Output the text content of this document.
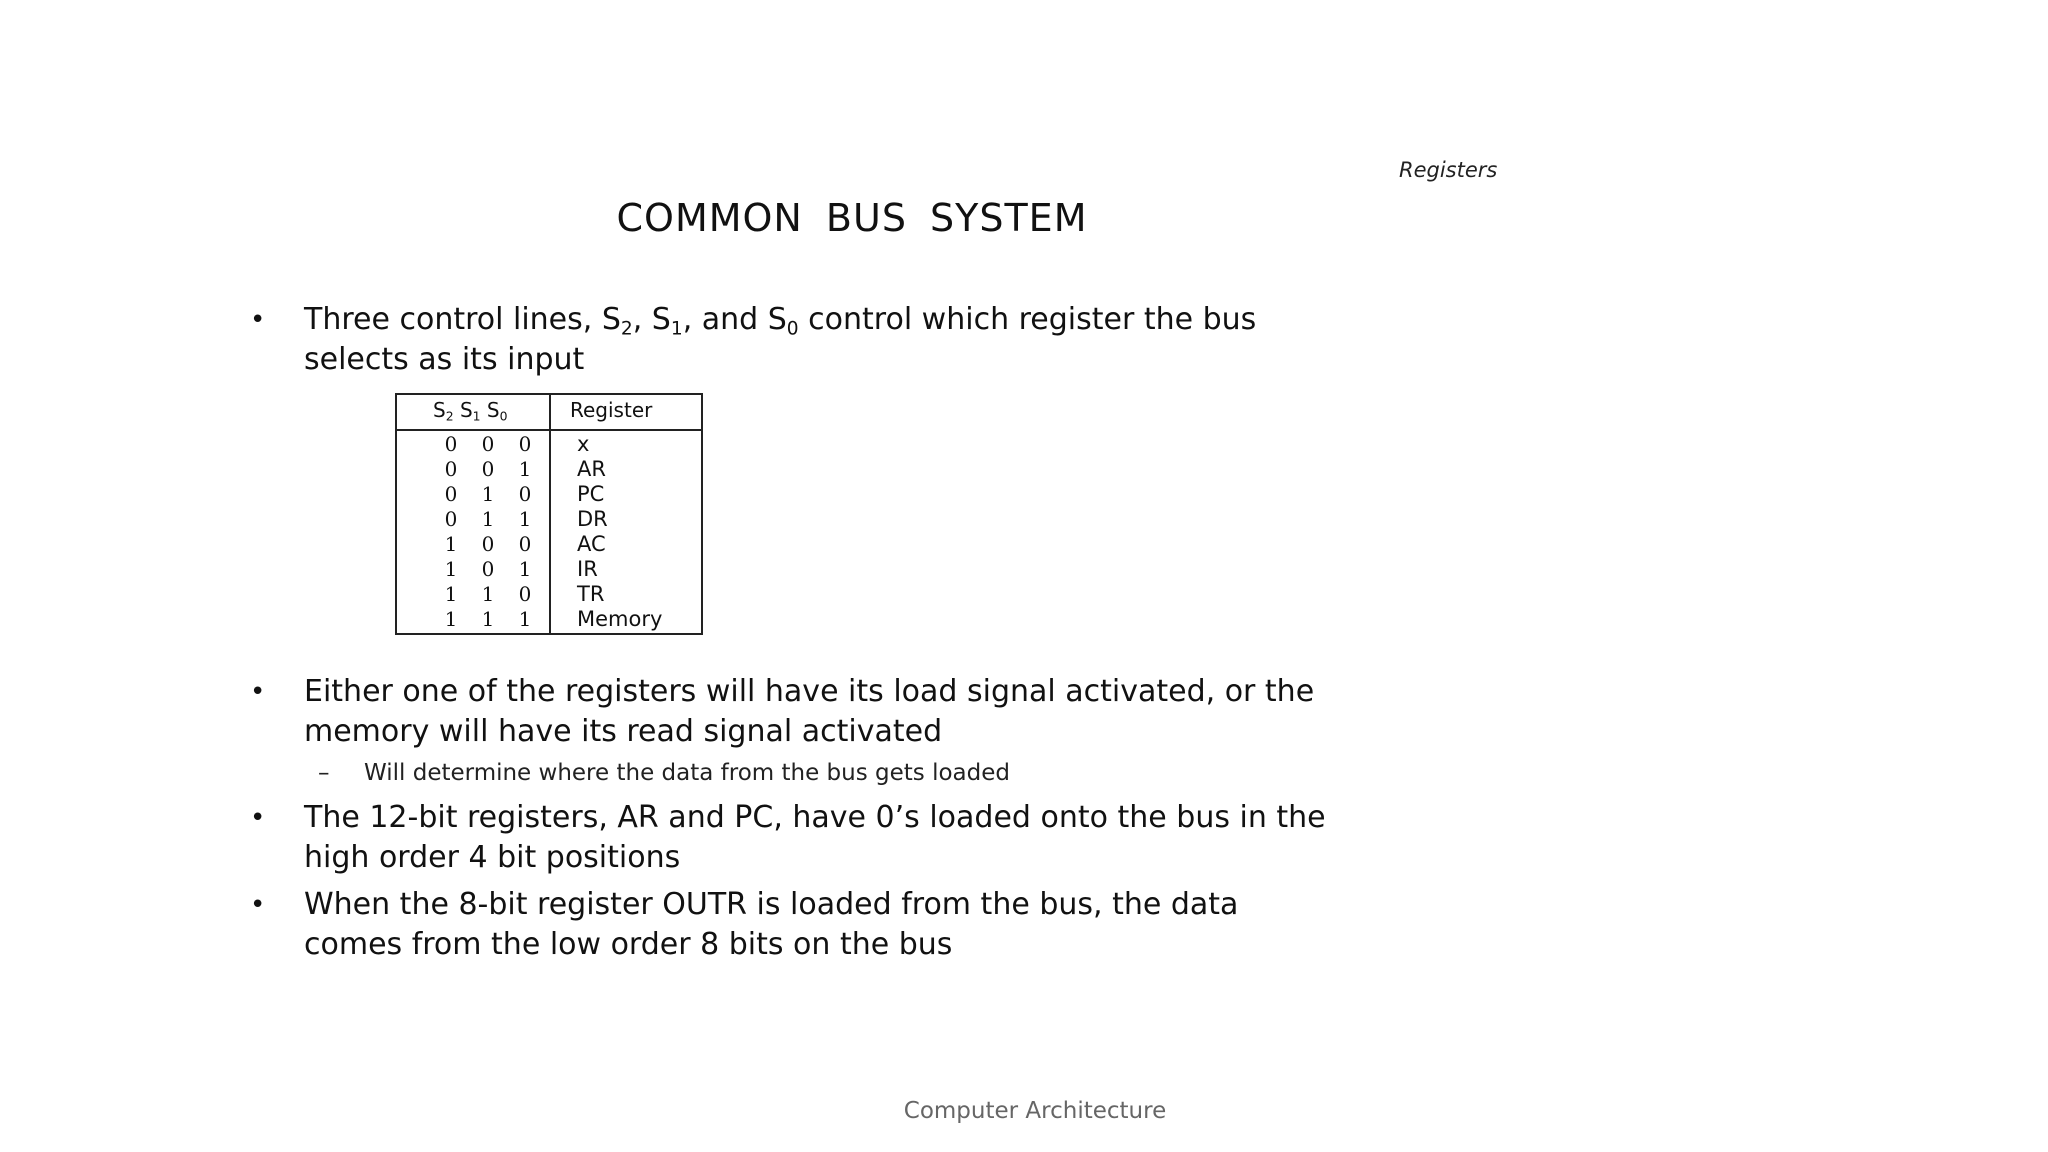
Registers
COMMON BUS SYSTEM
• Three control lines, $S_2$, $S_1$, and $S_0$ control which register the bus
selects as its input
$S_2$ $S_1$ $S_0$	Register
0 0 0 x
0 0 1 AR
0 1 0 PC
0 1 1 DR
1 0 0 AC
1 0 1 IR
1 1 0 TR
1 1 1 Memory
• Either one of the registers will have its load signal activated, or the
memory will have its read signal activated
– Will determine where the data from the bus gets loaded
• The 12-bit registers, AR and PC, have 0’s loaded onto the bus in the
high order 4 bit positions
• When the 8-bit register OUTR is loaded from the bus, the data
comes from the low order 8 bits on the bus
Computer Architecture
